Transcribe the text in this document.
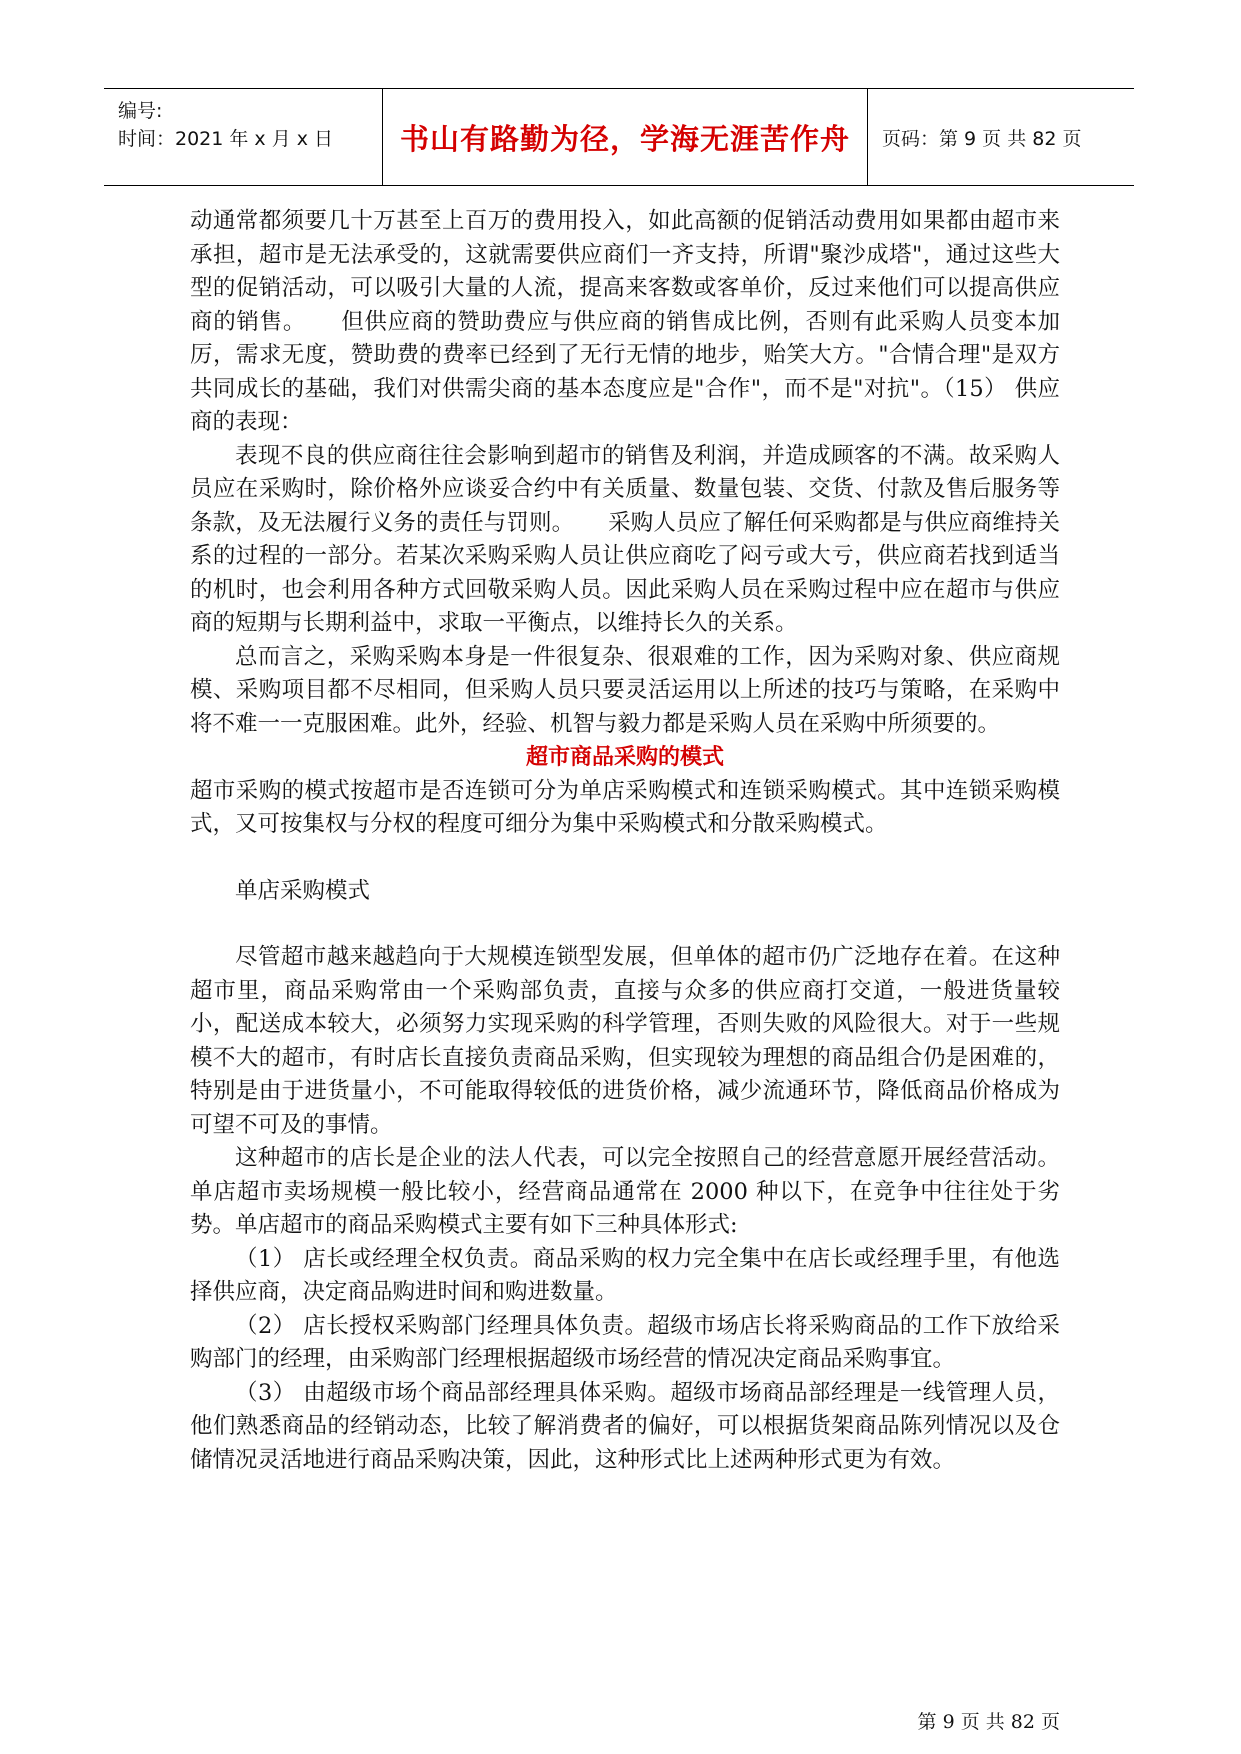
编号:
时间：2021 年 x 月 x 日	书山有路勤为径，学海无涯苦作舟	页码：第 9 页 共 82 页

动通常都须要几十万甚至上百万的费用投入，如此高额的促销活动费用如果都由超市来承担，超市是无法承受的，这就需要供应商们一齐支持，所谓"聚沙成塔"，通过这些大型的促销活动，可以吸引大量的人流，提高来客数或客单价，反过来他们可以提高供应商的销售。　　但供应商的赞助费应与供应商的销售成比例，否则有此采购人员变本加厉，需求无度，赞助费的费率已经到了无行无情的地步，贻笑大方。"合情合理"是双方共同成长的基础，我们对供需尖商的基本态度应是"合作"，而不是"对抗"。（15） 供应商的表现：

表现不良的供应商往往会影响到超市的销售及利润，并造成顾客的不满。故采购人员应在采购时，除价格外应谈妥合约中有关质量、数量包装、交货、付款及售后服务等条款，及无法履行义务的责任与罚则。　　采购人员应了解任何采购都是与供应商维持关系的过程的一部分。若某次采购采购人员让供应商吃了闷亏或大亏，供应商若找到适当的机时，也会利用各种方式回敬采购人员。因此采购人员在采购过程中应在超市与供应商的短期与长期利益中，求取一平衡点，以维持长久的关系。

总而言之，采购采购本身是一件很复杂、很艰难的工作，因为采购对象、供应商规模、采购项目都不尽相同，但采购人员只要灵活运用以上所述的技巧与策略，在采购中将不难一一克服困难。此外，经验、机智与毅力都是采购人员在采购中所须要的。

超市商品采购的模式

超市采购的模式按超市是否连锁可分为单店采购模式和连锁采购模式。其中连锁采购模式，又可按集权与分权的程度可细分为集中采购模式和分散采购模式。

单店采购模式

尽管超市越来越趋向于大规模连锁型发展，但单体的超市仍广泛地存在着。在这种超市里，商品采购常由一个采购部负责，直接与众多的供应商打交道，一般进货量较小，配送成本较大，必须努力实现采购的科学管理，否则失败的风险很大。对于一些规模不大的超市，有时店长直接负责商品采购，但实现较为理想的商品组合仍是困难的，特别是由于进货量小，不可能取得较低的进货价格，减少流通环节，降低商品价格成为可望不可及的事情。

这种超市的店长是企业的法人代表，可以完全按照自己的经营意愿开展经营活动。单店超市卖场规模一般比较小，经营商品通常在 2000 种以下，在竞争中往往处于劣势。单店超市的商品采购模式主要有如下三种具体形式:

（1） 店长或经理全权负责。商品采购的权力完全集中在店长或经理手里，有他选择供应商，决定商品购进时间和购进数量。

（2） 店长授权采购部门经理具体负责。超级市场店长将采购商品的工作下放给采购部门的经理，由采购部门经理根据超级市场经营的情况决定商品采购事宜。

（3） 由超级市场个商品部经理具体采购。超级市场商品部经理是一线管理人员，他们熟悉商品的经销动态，比较了解消费者的偏好，可以根据货架商品陈列情况以及仓储情况灵活地进行商品采购决策，因此，这种形式比上述两种形式更为有效。

第 9 页 共 82 页
